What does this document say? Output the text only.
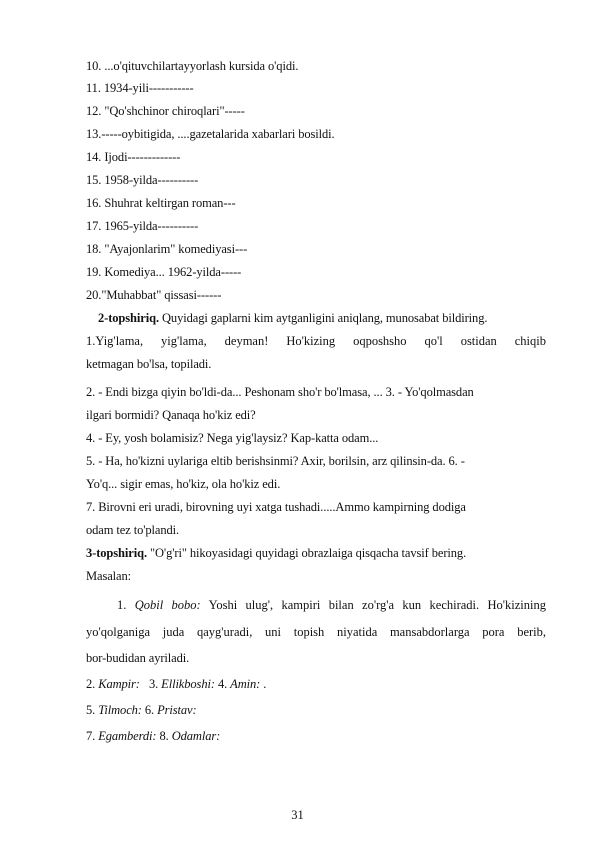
10. ...o'qituvchilartayyorlash kursida o'qidi.
11. 1934-yili-----------
12. "Qo'shchinor chiroqlari"-----
13.-----oybitigida, ....gazetalarida xabarlari bosildi.
14. Ijodi-------------
15. 1958-yilda----------
16. Shuhrat keltirgan roman---
17. 1965-yilda----------
18. "Ayajonlarim" komediyasi---
19. Komediya... 1962-yilda-----
20."Muhabbat" qissasi------
2-topshiriq. Quyidagi gaplarni kim aytganligini aniqlang, munosabat bildiring.
1.Yig'lama, yig'lama, deyman! Ho'kizing oqposhsho qo'l ostidan chiqib
ketmagan bo'lsa, topiladi.
2. - Endi bizga qiyin bo'ldi-da... Peshonam sho'r bo'lmasa, ... 3. - Yo'qolmasdan
ilgari bormidi? Qanaqa ho'kiz edi?
4. - Ey, yosh bolamisiz? Nega yig'laysiz? Kap-katta odam...
5. - Ha, ho'kizni uylariga eltib berishsinmi? Axir, borilsin, arz qilinsin-da. 6. -
Yo'q... sigir emas, ho'kiz, ola ho'kiz edi.
7. Birovni eri uradi, birovning uyi xatga tushadi.....Ammo kampirning dodiga
odam tez to'plandi.
3-topshiriq. "O'g'ri" hikoyasidagi quyidagi obrazlaiga qisqacha tavsif bering.
Masalan:
1. Qobil bobo: Yoshi ulug', kampiri bilan zo'rg'a kun kechiradi. Ho'kizining
yo'qolganiga juda qayg'uradi, uni topish niyatida mansabdorlarga pora berib,
bor-budidan ayriladi.
2. Kampir: 3. Ellikboshi: 4. Amin: .
5. Tilmoch: 6. Pristav:
7. Egamberdi: 8. Odamlar:
31
